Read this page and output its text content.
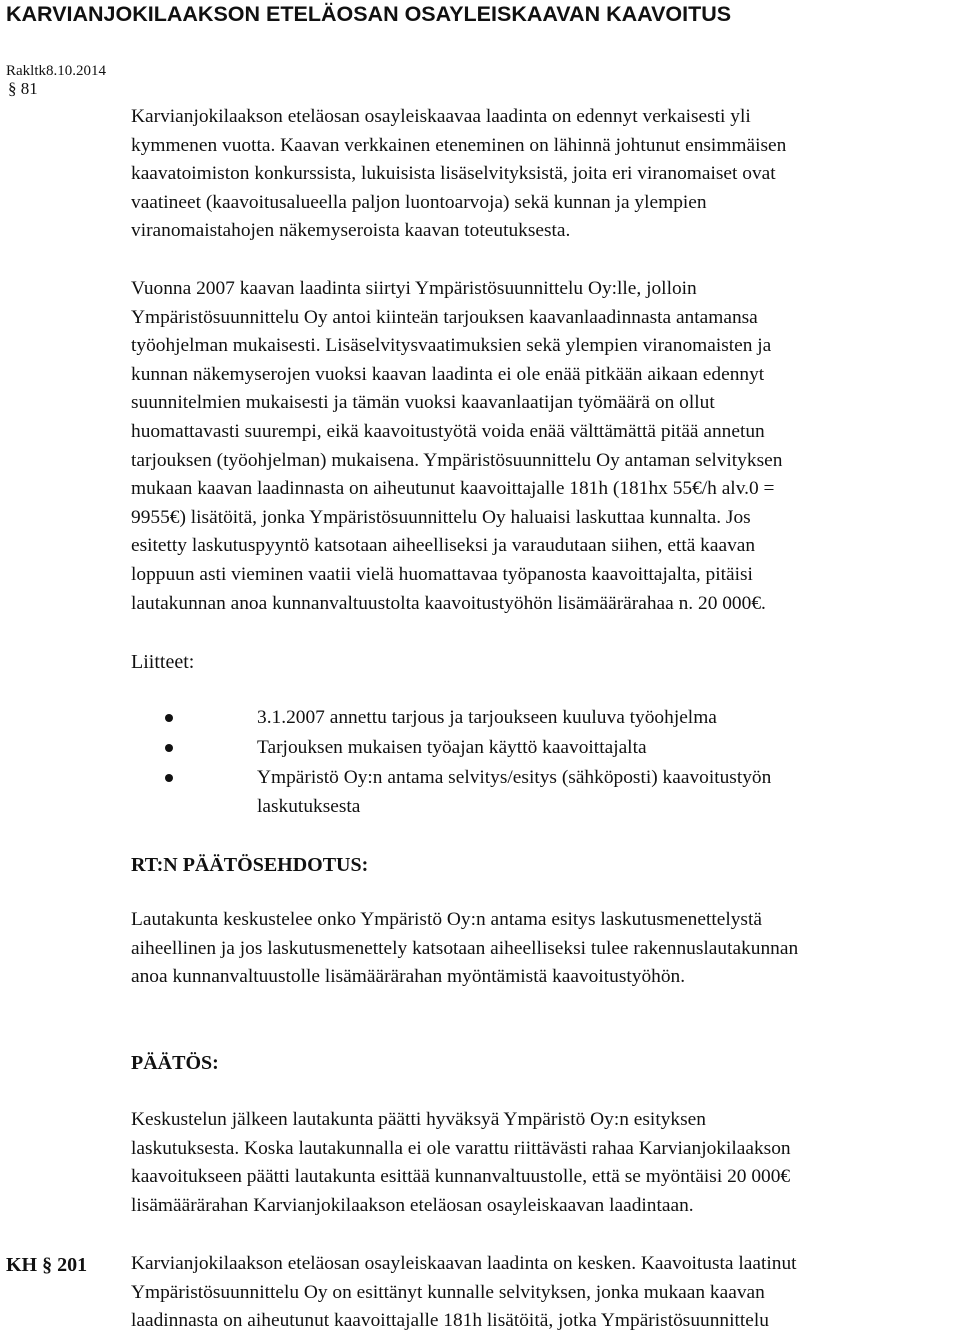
KARVIANJOKILAAKSON ETELÄOSAN OSAYLEISKAAVAN KAAVOITUS
Rakltk8.10.2014
§ 81
Karvianjokilaakson eteläosan osayleiskaavaa laadinta on edennyt verkaisesti yli
kymmenen vuotta. Kaavan verkkainen eteneminen on lähinnä johtunut ensimmäisen
kaavatoimiston konkurssista, lukuisista lisäselvityksistä, joita eri viranomaiset ovat
vaatineet (kaavoitusalueella paljon luontoarvoja) sekä kunnan ja ylempien
viranomaistahojen näkemyseroista kaavan toteutuksesta.
Vuonna 2007 kaavan laadinta siirtyi Ympäristösuunnittelu Oy:lle, jolloin
Ympäristösuunnittelu Oy antoi kiinteän tarjouksen kaavanlaadinnasta antamansa
työohjelman mukaisesti. Lisäselvitysvaatimuksien sekä ylempien viranomaisten ja
kunnan näkemyserojen vuoksi kaavan laadinta ei ole enää pitkään aikaan edennyt
suunnitelmien mukaisesti ja tämän vuoksi kaavanlaatijan työmäärä on ollut
huomattavasti suurempi, eikä kaavoitustyötä voida enää välttämättä pitää annetun
tarjouksen (työohjelman) mukaisena. Ympäristösuunnittelu Oy antaman selvityksen
mukaan kaavan laadinnasta on aiheutunut kaavoittajalle 181h (181hx 55€/h alv.0 =
9955€) lisätöitä, jonka Ympäristösuunnittelu Oy haluaisi laskuttaa kunnalta. Jos
esitetty laskutuspyyntö katsotaan aiheelliseksi ja varaudutaan siihen, että kaavan
loppuun asti vieminen vaatii vielä huomattavaa työpanosta kaavoittajalta, pitäisi
lautakunnan anoa kunnanvaltuustolta kaavoitustyöhön lisämäärärahaa n. 20 000€.
Liitteet:
3.1.2007 annettu tarjous ja tarjoukseen kuuluva työohjelma
Tarjouksen mukaisen työajan käyttö kaavoittajalta
Ympäristö Oy:n antama selvitys/esitys (sähköposti) kaavoitustyön
laskutuksesta
RT:N PÄÄTÖSEHDOTUS:
Lautakunta keskustelee onko Ympäristö Oy:n antama esitys laskutusmenettelystä
aiheellinen ja jos laskutusmenettely katsotaan aiheelliseksi tulee rakennuslautakunnan
anoa kunnanvaltuustolle lisämäärärahan myöntämistä kaavoitustyöhön.
PÄÄTÖS:
Keskustelun jälkeen lautakunta päätti hyväksyä Ympäristö Oy:n esityksen
laskutuksesta. Koska lautakunnalla ei ole varattu riittävästi rahaa Karvianjokilaakson
kaavoitukseen päätti lautakunta esittää kunnanvaltuustolle, että se myöntäisi 20 000€
lisämäärärahan Karvianjokilaakson eteläosan osayleiskaavan laadintaan.
KH § 201 Karvianjokilaakson eteläosan osayleiskaavan laadinta on kesken. Kaavoitusta laatinut
Ympäristösuunnittelu Oy on esittänyt kunnalle selvityksen, jonka mukaan kaavan
laadinnasta on aiheutunut kaavoittajalle 181h lisätöitä, jotka Ympäristösuunnittelu
